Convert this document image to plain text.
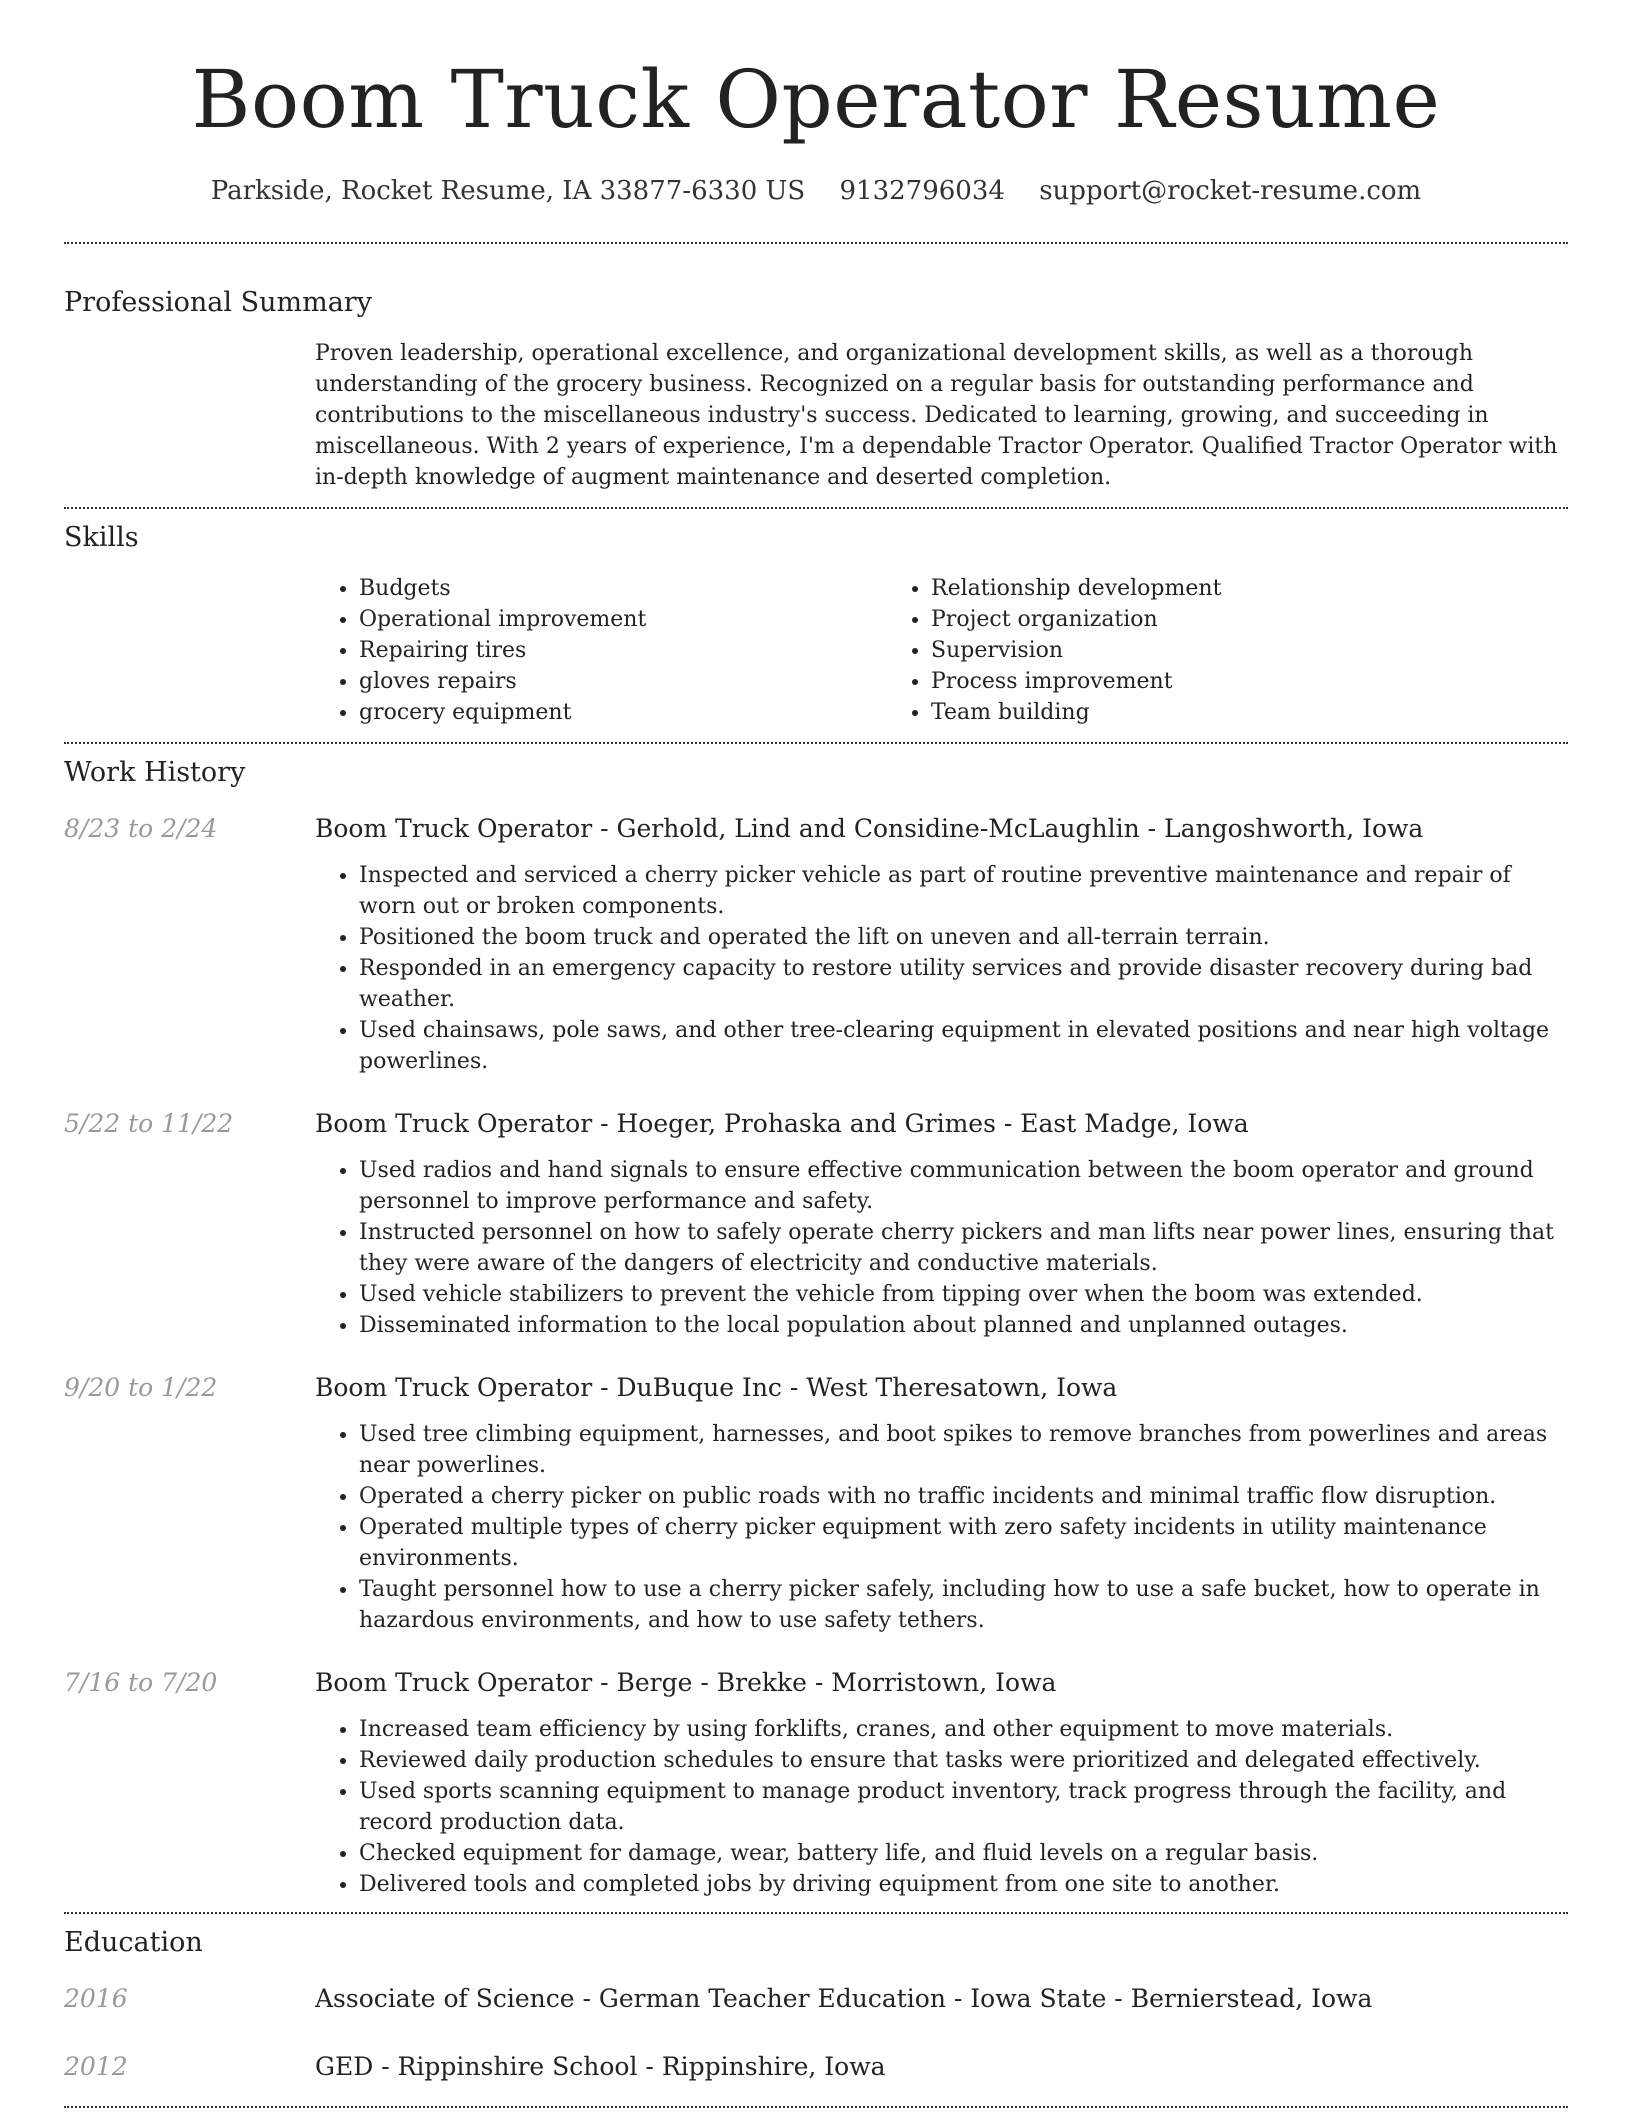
Boom Truck Operator Resume
Parkside, Rocket Resume, IA 33877-6330 US 9132796034 support@rocket-resume.com
Professional Summary

Proven leadership, operational excellence, and organizational development skills, as well as a thorough understanding of the grocery business. Recognized on a regular basis for outstanding performance and contributions to the miscellaneous industry's success. Dedicated to learning, growing, and succeeding in miscellaneous. With 2 years of experience, I'm a dependable Tractor Operator. Qualified Tractor Operator with in-depth knowledge of augment maintenance and deserted completion.

Skills
• Budgets
• Operational improvement
• Repairing tires
• gloves repairs
• grocery equipment
• Relationship development
• Project organization
• Supervision
• Process improvement
• Team building
Work History
8/23 to 2/24	Boom Truck Operator - Gerhold, Lind and Considine-McLaughlin - Langoshworth, Iowa
• Inspected and serviced a cherry picker vehicle as part of routine preventive maintenance and repair of worn out or broken components.
• Positioned the boom truck and operated the lift on uneven and all-terrain terrain.
• Responded in an emergency capacity to restore utility services and provide disaster recovery during bad weather.
• Used chainsaws, pole saws, and other tree-clearing equipment in elevated positions and near high voltage powerlines.
5/22 to 11/22	Boom Truck Operator - Hoeger, Prohaska and Grimes - East Madge, Iowa
• Used radios and hand signals to ensure effective communication between the boom operator and ground personnel to improve performance and safety.
• Instructed personnel on how to safely operate cherry pickers and man lifts near power lines, ensuring that they were aware of the dangers of electricity and conductive materials.
• Used vehicle stabilizers to prevent the vehicle from tipping over when the boom was extended.
• Disseminated information to the local population about planned and unplanned outages.
9/20 to 1/22	Boom Truck Operator - DuBuque Inc - West Theresatown, Iowa
• Used tree climbing equipment, harnesses, and boot spikes to remove branches from powerlines and areas near powerlines.
• Operated a cherry picker on public roads with no traffic incidents and minimal traffic flow disruption.
• Operated multiple types of cherry picker equipment with zero safety incidents in utility maintenance environments.
• Taught personnel how to use a cherry picker safely, including how to use a safe bucket, how to operate in hazardous environments, and how to use safety tethers.
7/16 to 7/20	Boom Truck Operator - Berge - Brekke - Morristown, Iowa
• Increased team efficiency by using forklifts, cranes, and other equipment to move materials.
• Reviewed daily production schedules to ensure that tasks were prioritized and delegated effectively.
• Used sports scanning equipment to manage product inventory, track progress through the facility, and record production data.
• Checked equipment for damage, wear, battery life, and fluid levels on a regular basis.
• Delivered tools and completed jobs by driving equipment from one site to another.
Education
2016	Associate of Science - German Teacher Education - Iowa State - Bernierstead, Iowa
2012	GED - Rippinshire School - Rippinshire, Iowa
